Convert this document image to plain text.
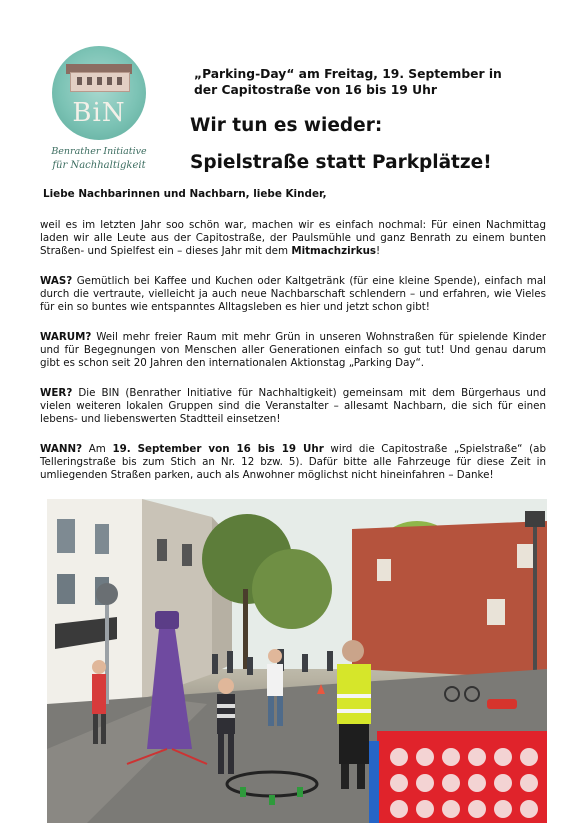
BiN
Benrather Initiative
für Nachhaltigkeit
„Parking-Day“ am Freitag, 19. September in
der Capitostraße von 16 bis 19 Uhr
Wir tun es wieder:
Spielstraße statt Parkplätze!
Liebe Nachbarinnen und Nachbarn, liebe Kinder,
weil es im letzten Jahr soo schön war, machen wir es einfach nochmal: Für einen Nachmittag laden wir alle Leute aus der Capitostraße, der Paulsmühle und ganz Benrath zu einem bunten Straßen- und Spielfest ein – dieses Jahr mit dem Mitmachzirkus!
WAS? Gemütlich bei Kaffee und Kuchen oder Kaltgetränk (für eine kleine Spende), einfach mal durch die vertraute, vielleicht ja auch neue Nachbarschaft schlendern – und erfahren, wie Vieles für ein so buntes wie entspanntes Alltagsleben es hier und jetzt schon gibt!
WARUM? Weil mehr freier Raum mit mehr Grün in unseren Wohnstraßen für spielende Kinder und für Begegnungen von Menschen aller Generationen einfach so gut tut! Und genau darum gibt es schon seit 20 Jahren den internationalen Aktionstag „Parking Day“.
WER? Die BIN (Benrather Initiative für Nachhaltigkeit) gemeinsam mit dem Bürgerhaus und vielen weiteren lokalen Gruppen sind die Veranstalter – allesamt Nachbarn, die sich für einen lebens- und liebenswerten Stadtteil einsetzen!
WANN? Am 19. September von 16 bis 19 Uhr wird die Capitostraße „Spielstraße“ (ab Telleringstraße bis zum Stich an Nr. 12 bzw. 5). Dafür bitte alle Fahrzeuge für diese Zeit in umliegenden Straßen parken, auch als Anwohner möglichst nicht hineinfahren – Danke!
